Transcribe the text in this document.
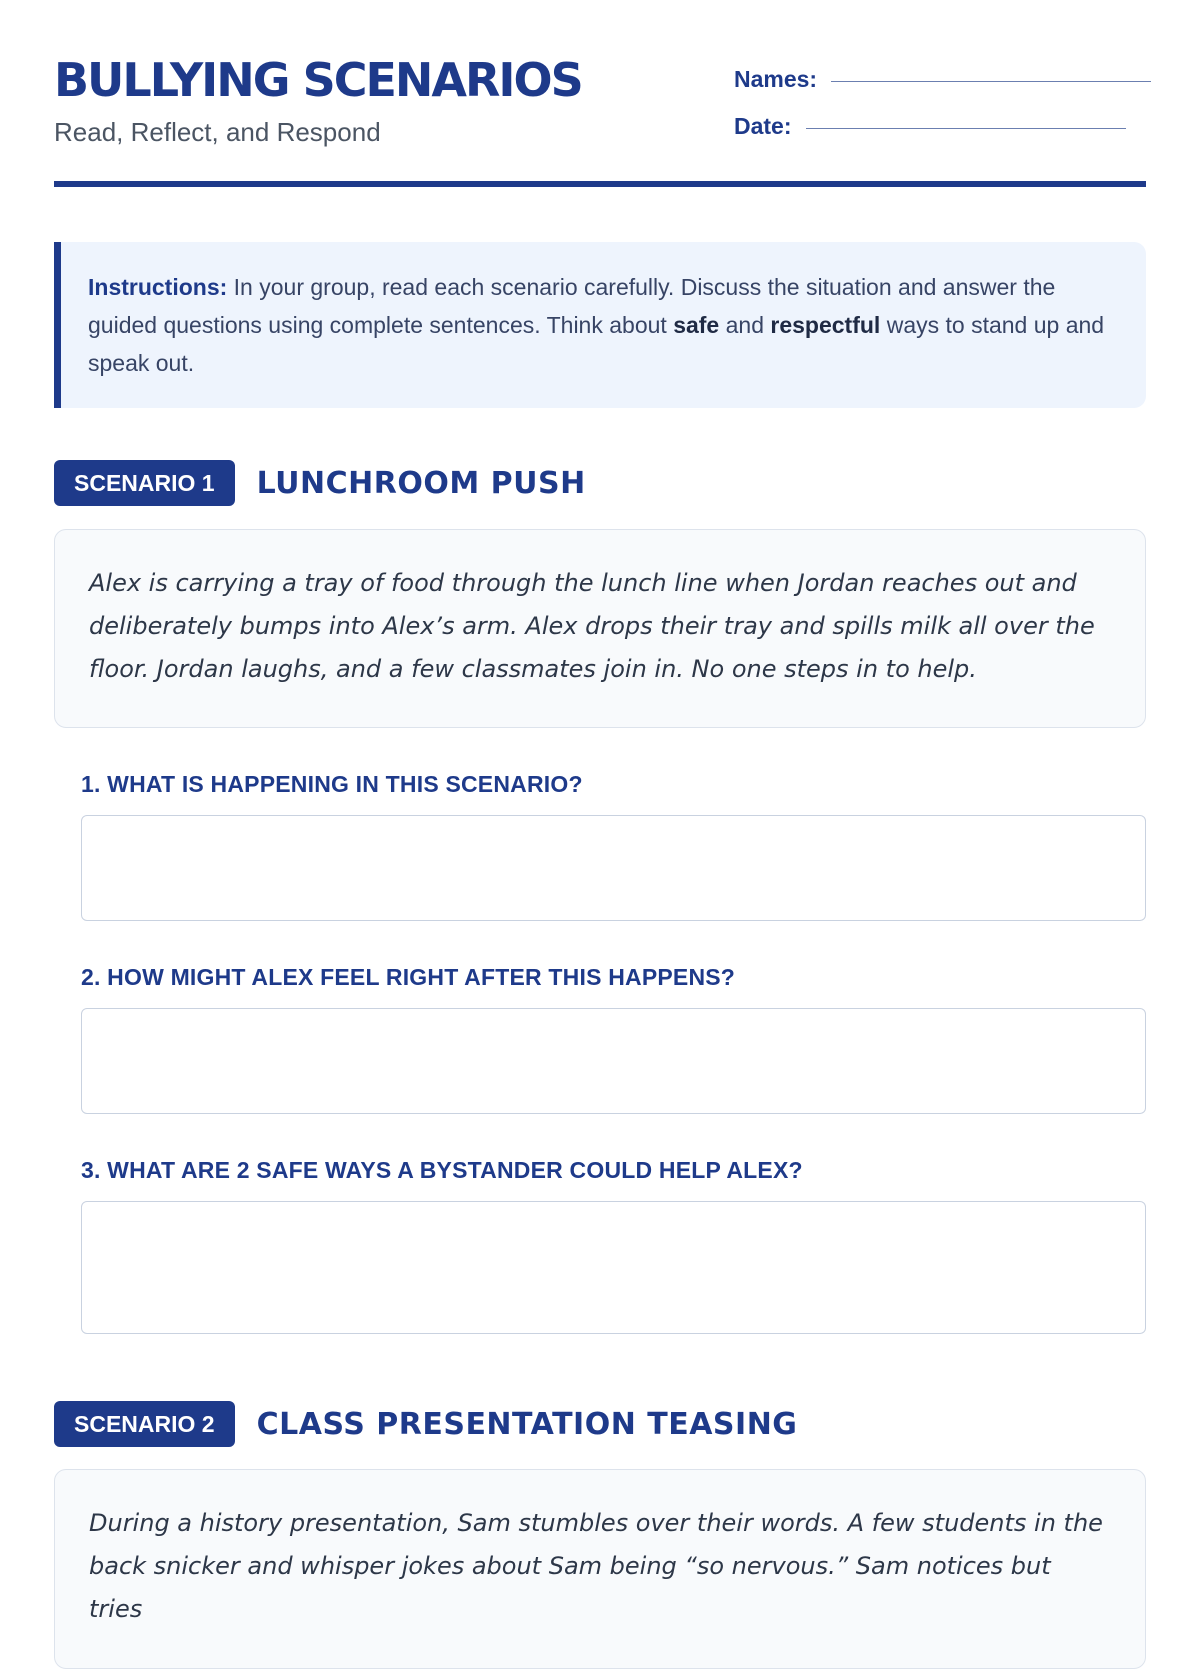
BULLYING SCENARIOS
Read, Reflect, and Respond
Names:
Date:
Instructions: In your group, read each scenario carefully. Discuss the situation and answer the guided questions using complete sentences. Think about safe and respectful ways to stand up and speak out.
SCENARIO 1	LUNCHROOM PUSH
Alex is carrying a tray of food through the lunch line when Jordan reaches out and deliberately bumps into Alex’s arm. Alex drops their tray and spills milk all over the floor. Jordan laughs, and a few classmates join in. No one steps in to help.
1. WHAT IS HAPPENING IN THIS SCENARIO?
2. HOW MIGHT ALEX FEEL RIGHT AFTER THIS HAPPENS?
3. WHAT ARE 2 SAFE WAYS A BYSTANDER COULD HELP ALEX?
SCENARIO 2	CLASS PRESENTATION TEASING
During a history presentation, Sam stumbles over their words. A few students in the back snicker and whisper jokes about Sam being “so nervous.” Sam notices but tries
